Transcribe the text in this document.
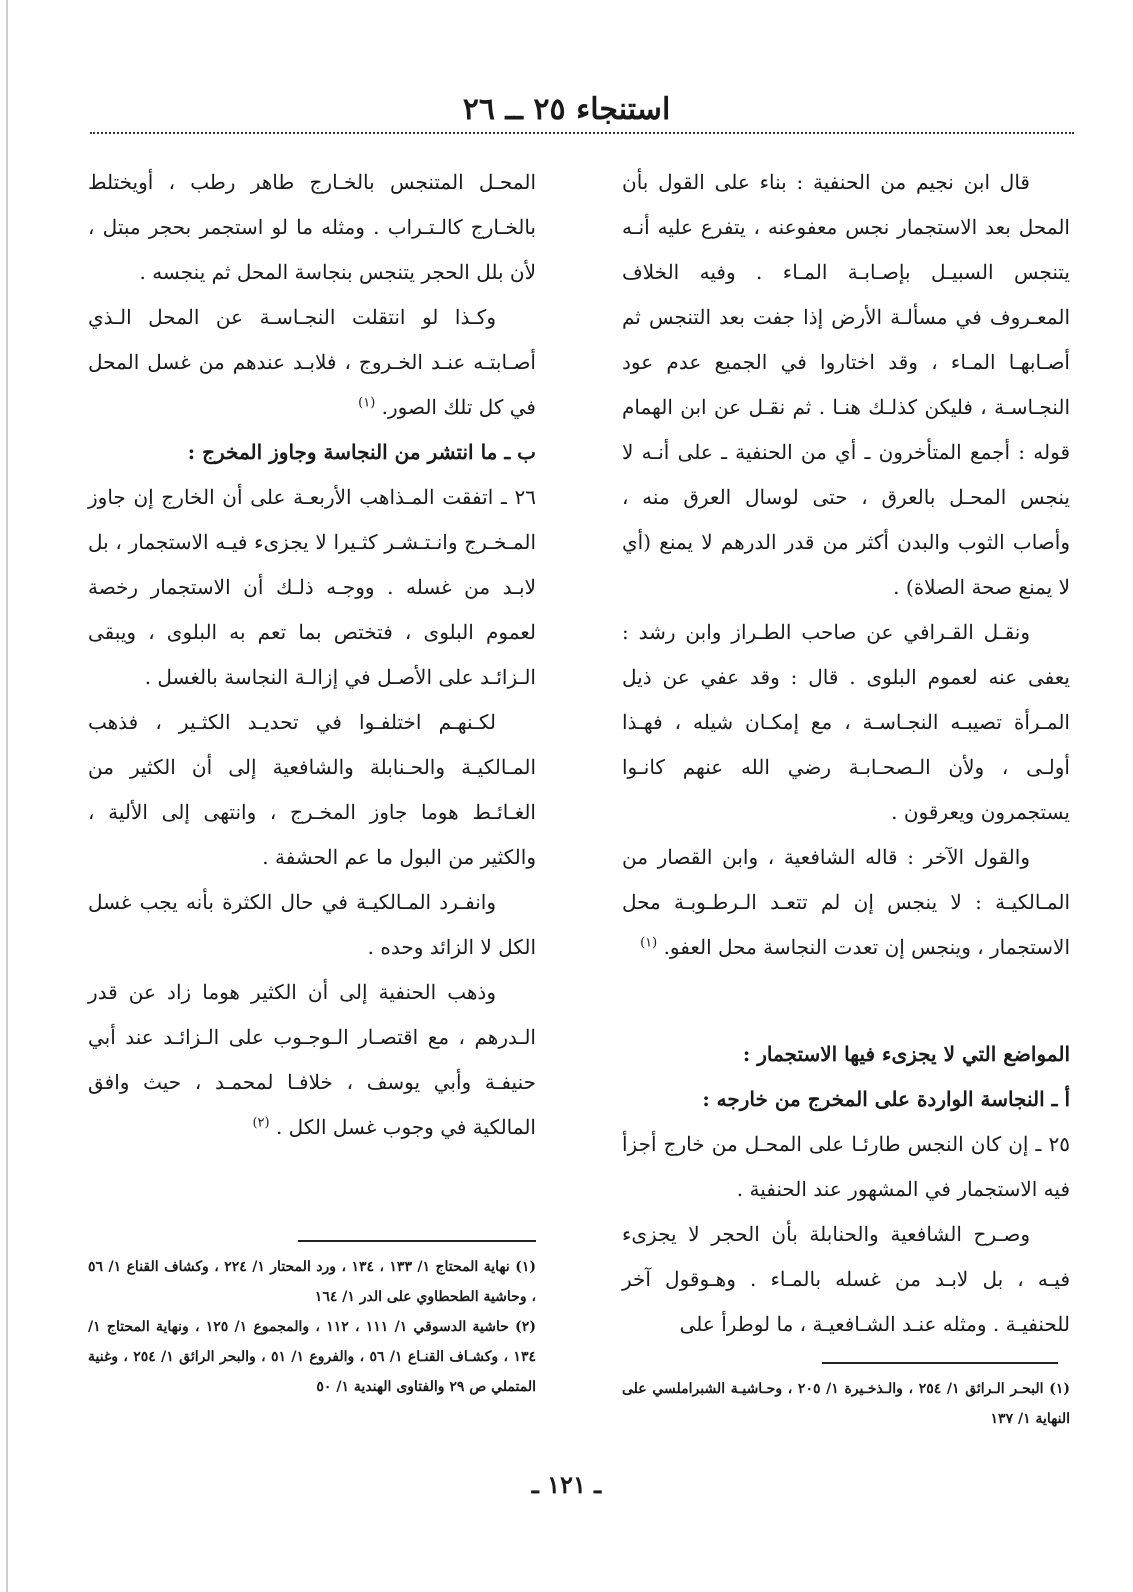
استنجاء ٢٥ ــ ٢٦

قال ابن نجيم من الحنفية : بناء على القول بأن المحل بعد الاستجمار نجس معفوعنه ، يتفرع عليه أنـه يتنجس السبيـل بإصـابـة المـاء . وفيه الخلاف المعـروف في مسألـة الأرض إذا جفت بعد التنجس ثم أصـابهـا المـاء ، وقد اختاروا في الجميع عدم عود النجـاسـة ، فليكن كذلـك هنـا . ثم نقـل عن ابن الهمام قوله : أجمع المتأخرون ـ أي من الحنفية ـ على أنـه لا ينجس المحـل بالعرق ، حتى لوسال العرق منه ، وأصاب الثوب والبدن أكثر من قدر الدرهم لا يمنع (أي لا يمنع صحة الصلاة) .

ونقـل القـرافي عن صاحب الطـراز وابن رشد : يعفى عنه لعموم البلوى . قال : وقد عفي عن ذيل المـرأة تصيبـه النجـاسـة ، مع إمكـان شيله ، فهـذا أولـى ، ولأن الـصحـابـة رضي الله عنهم كانـوا يستجمرون ويعرقون .

والقول الآخر : قاله الشافعية ، وابن القصار من المـالكيـة : لا ينجس إن لم تتعـد الـرطـوبـة محل الاستجمار ، وينجس إن تعدت النجاسة محل العفو. $^{(١)}$

المواضع التي لا يجزىء فيها الاستجمار :

أ ـ النجاسة الواردة على المخرج من خارجه :

٢٥ ـ إن كان النجس طارئـا على المحـل من خارج أجزأ فيه الاستجمار في المشهور عند الحنفية .

وصـرح الشافعية والحنابلة بأن الحجر لا يجزىء فيـه ، بل لابـد من غسله بالمـاء . وهـوقول آخر للحنفيـة . ومثله عنـد الشـافعيـة ، ما لوطرأ على

المحـل المتنجس بالخـارج طاهر رطب ، أويختلط بالخـارج كالـتـراب . ومثله ما لو استجمر بحجر مبتل ، لأن بلل الحجر يتنجس بنجاسة المحل ثم ينجسه .

وكـذا لو انتقلت النجـاسـة عن المحل الـذي أصـابتـه عنـد الخـروج ، فلابـد عندهم من غسل المحل في كل تلك الصور. $^{(١)}$

ب ـ ما انتشر من النجاسة وجاوز المخرج :

٢٦ ـ اتفقت المـذاهب الأربعـة على أن الخارج إن جاوز المـخـرج وانـتـشـر كثـيرا لا يجزىء فيـه الاستجمار ، بل لابـد من غسله . ووجـه ذلـك أن الاستجمار رخصة لعموم البلوى ، فتختص بما تعم به البلوى ، ويبقى الـزائـد على الأصـل في إزالـة النجاسة بالغسل .

لكـنهـم اختلفـوا في تحديـد الكثـير ، فذهب المـالكيـة والحـنابلة والشافعية إلى أن الكثير من الغـائـط هوما جاوز المخـرج ، وانتهى إلى الألية ، والكثير من البول ما عم الحشفة .

وانفـرد المـالكيـة في حال الكثرة بأنه يجب غسل الكل لا الزائد وحده .

وذهب الحنفية إلى أن الكثير هوما زاد عن قدر الـدرهم ، مع اقتصـار الـوجـوب على الـزائـد عند أبي حنيفـة وأبي يوسف ، خلافـا لمحمـد ، حيث وافق المالكية في وجوب غسل الكل . $^{(٢)}$

(١) نهاية المحتاج ١/ ١٣٣ ، ١٣٤ ، ورد المحتار ١/ ٢٢٤ ، وكشاف القناع ١/ ٥٦ ، وحاشية الطحطاوي على الدر ١/ ١٦٤

(٢) حاشية الدسوقي ١/ ١١١ ، ١١٢ ، والمجموع ١/ ١٢٥ ، ونهاية المحتاج ١/ ١٣٤ ، وكشـاف القنـاع ١/ ٥٦ ، والفروع ١/ ٥١ ، والبحر الرائق ١/ ٢٥٤ ، وغنية المتملي ص ٢٩ والفتاوى الهندية ١/ ٥٠	(١) البحـر الـرائق ١/ ٢٥٤ ، والـذخـيرة ١/ ٢٠٥ ، وحـاشيـة الشبراملسي على النهاية ١/ ١٣٧

ـ ١٢١ ـ
